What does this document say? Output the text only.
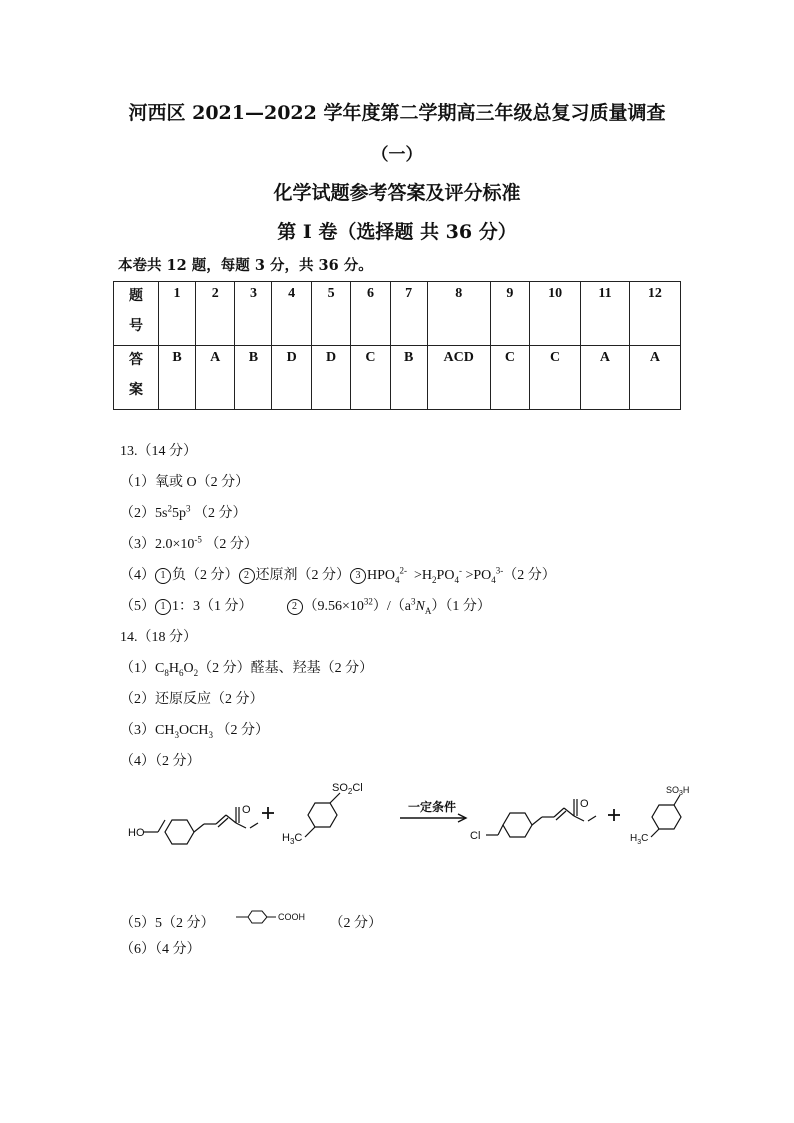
河西区 2021—2022 学年度第二学期高三年级总复习质量调查
（一）
化学试题参考答案及评分标准
第 I 卷（选择题 共 36 分）
本卷共 12 题，每题 3 分，共 36 分。
题
号	1	2	3	4	5	6	7	8	9	10	11	12

答
案	B	A	B	D	D	C	B	ACD	C	C	A	A
13.（14 分）
（1）氧或 O（2 分）
$(2)5s^25p^3$ （2 分）
$(3)2.0\times 10^{-5}$ （2 分）
（4） 1 负（2 分） 2 还原剂（2 分） 3 $HPO_4^{2-} >H_2PO_4^- >PO_4^{3-}(2$ 分）
（5） 1 1：3（1 分）	2 $(9.56\times 10^{32})/(a^3N_A)(1$ 分）
14.（18 分）
$(1)C_8H_6O_2(2$ 分）醛基、羟基（2 分）
（2）还原反应（2 分）
$(3)CH_3OCH_3$ （2 分）
（4）（2 分）
HO
O
$SO_2Cl$
$H_3C$
一定条件
Cl
O
$SO_3H$
$H_3C$
（5）5（2 分）	COOH （2 分）
（6）（4 分）
